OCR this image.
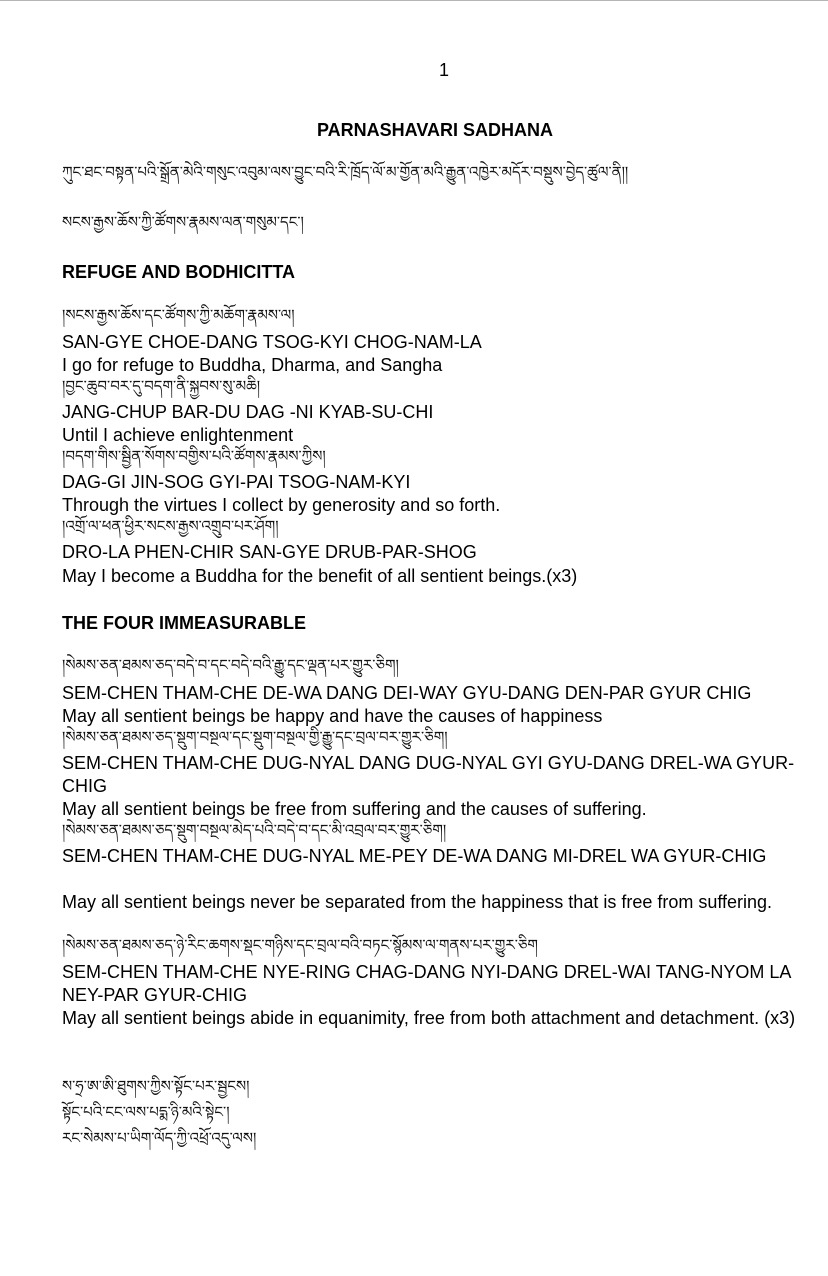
1
PARNASHAVARI SADHANA
ཀུང་ཐང་བསྟན་པའི་སྒྲོན་མེའི་གསུང་འབུམ་ལས་བྱུང་བའི་རི་ཁྲོད་ལོ་མ་གྱོན་མའི་རྒྱུན་འཁྱེར་མདོར་བསྡུས་བྱེད་ཚུལ་ནི།།
སངས་རྒྱས་ཆོས་ཀྱི་ཚོགས་རྣམས་ལན་གསུམ་དང་།
REFUGE AND BODHICITTA
།སངས་རྒྱས་ཆོས་དང་ཚོགས་ཀྱི་མཆོག་རྣམས་ལ།
SAN-GYE CHOE-DANG TSOG-KYI CHOG-NAM-LA
I go for refuge to Buddha, Dharma, and Sangha
།བྱང་ཆུབ་བར་དུ་བདག་ནི་སྐྱབས་སུ་མཆི།
JANG-CHUP BAR-DU DAG -NI KYAB-SU-CHI
Until I achieve enlightenment
།བདག་གིས་སྦྱིན་སོགས་བགྱིས་པའི་ཚོགས་རྣམས་ཀྱིས།
DAG-GI JIN-SOG GYI-PAI TSOG-NAM-KYI
Through the virtues I collect by generosity and so forth.
།འགྲོ་ལ་ཕན་ཕྱིར་སངས་རྒྱས་འགྲུབ་པར་ཤོག།
DRO-LA PHEN-CHIR SAN-GYE DRUB-PAR-SHOG
May I become a Buddha for the benefit of all sentient beings.(x3)
THE FOUR IMMEASURABLE
།སེམས་ཅན་ཐམས་ཅད་བདེ་བ་དང་བདེ་བའི་རྒྱུ་དང་ལྡན་པར་གྱུར་ཅིག།
SEM-CHEN THAM-CHE DE-WA DANG DEI-WAY GYU-DANG DEN-PAR GYUR CHIG
May all sentient beings be happy and have the causes of happiness
།སེམས་ཅན་ཐམས་ཅད་སྡུག་བསྔལ་དང་སྡུག་བསྔལ་གྱི་རྒྱུ་དང་བྲལ་བར་གྱུར་ཅིག།
SEM-CHEN THAM-CHE DUG-NYAL DANG DUG-NYAL GYI GYU-DANG DREL-WA GYUR-CHIG
May all sentient beings be free from suffering and the causes of suffering.
།སེམས་ཅན་ཐམས་ཅད་སྡུག་བསྔལ་མེད་པའི་བདེ་བ་དང་མི་འབྲལ་བར་གྱུར་ཅིག།
SEM-CHEN THAM-CHE DUG-NYAL ME-PEY DE-WA DANG MI-DREL WA GYUR-CHIG
May all sentient beings never be separated from the happiness that is free from suffering.
།སེམས་ཅན་ཐམས་ཅད་ཉེ་རིང་ཆགས་སྡང་གཉིས་དང་བྲལ་བའི་བཏང་སྙོམས་ལ་གནས་པར་གྱུར་ཅིག
SEM-CHEN THAM-CHE NYE-RING CHAG-DANG NYI-DANG DREL-WAI TANG-NYOM LA NEY-PAR GYUR-CHIG
May all sentient beings abide in equanimity, free from both attachment and detachment. (x3)
ས་ཧྲ་ཨ་ཨི་ཐུགས་ཀྱིས་སྟོང་པར་སྦྱངས།
སྟོང་པའི་ངང་ལས་པདྨ་ཉི་མའི་སྟེང་།
རང་སེམས་པ་ཡིག་ལོད་ཀྱི་འཕྲོ་འདུ་ལས།
